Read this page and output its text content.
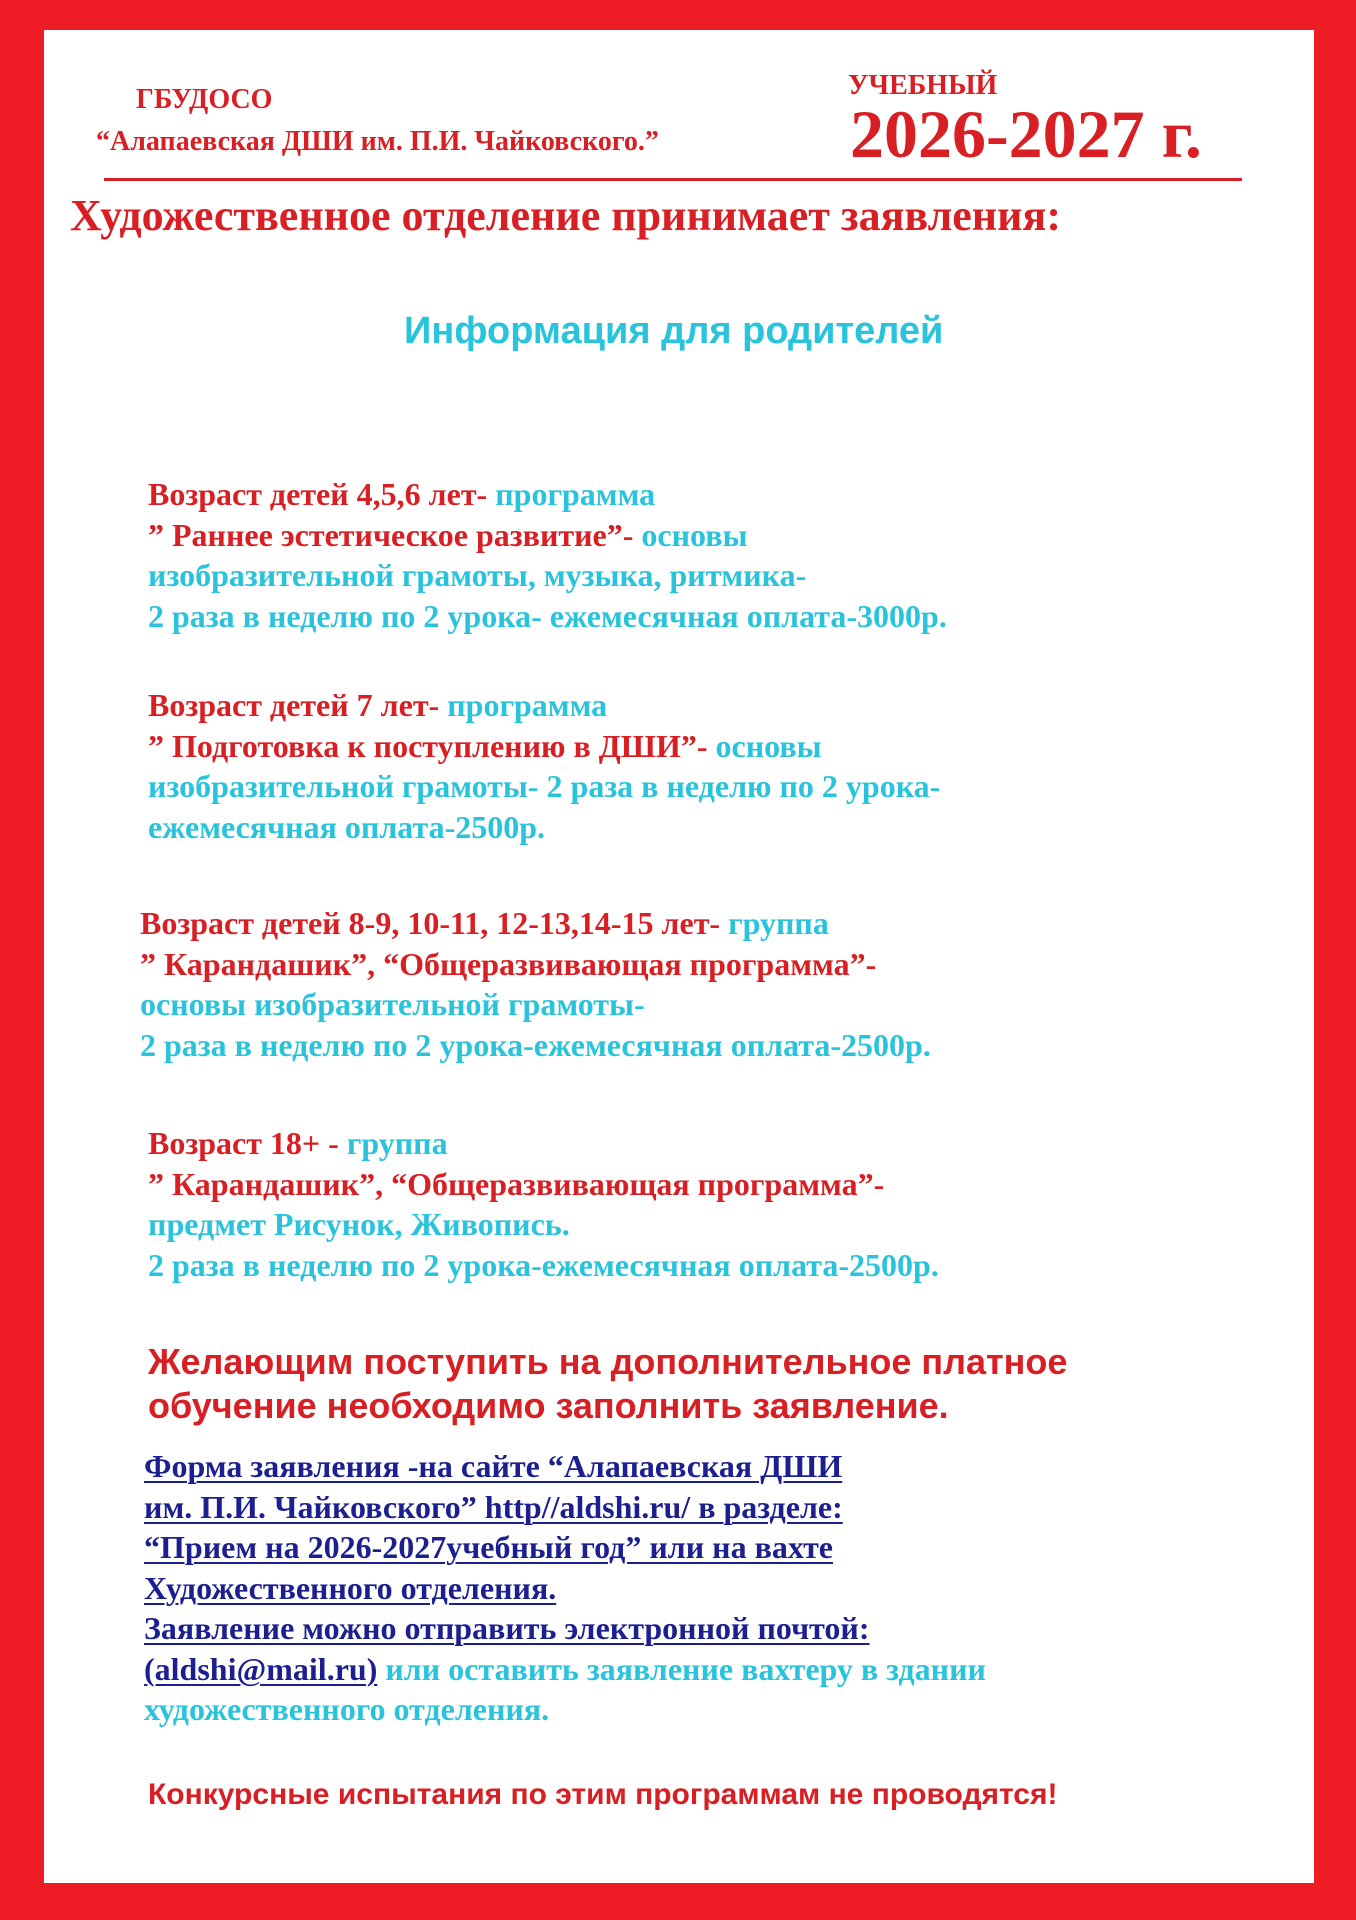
ГБУДОСО
“Алапаевская ДШИ им. П.И. Чайковского.”
УЧЕБНЫЙ
2026-2027 г.
Художественное отделение принимает заявления:
Информация для родителей
Возраст детей 4,5,6 лет- программа
” Раннее эстетическое развитие”- основы
изобразительной грамоты, музыка, ритмика-
2 раза в неделю по 2 урока- ежемесячная оплата-3000р.
Возраст детей 7 лет- программа
” Подготовка к поступлению в ДШИ”- основы
изобразительной грамоты- 2 раза в неделю по 2 урока-
ежемесячная оплата-2500р.
Возраст детей 8-9, 10-11, 12-13,14-15 лет- группа
” Карандашик”, “Общеразвивающая программа”-
основы изобразительной грамоты-
2 раза в неделю по 2 урока-ежемесячная оплата-2500р.
Возраст 18+ - группа
” Карандашик”, “Общеразвивающая программа”-
предмет Рисунок, Живопись.
2 раза в неделю по 2 урока-ежемесячная оплата-2500р.
Желающим поступить на дополнительное платное
обучение необходимо заполнить заявление.
Форма заявления -на сайте “Алапаевская ДШИ
им. П.И. Чайковского” http//aldshi.ru/ в разделе:
“Прием на 2026-2027учебный год” или на вахте
Художественного отделения.
Заявление можно отправить электронной почтой:
(aldshi@mail.ru) или оставить заявление вахтеру в здании
художественного отделения.
Конкурсные испытания по этим программам не проводятся!
